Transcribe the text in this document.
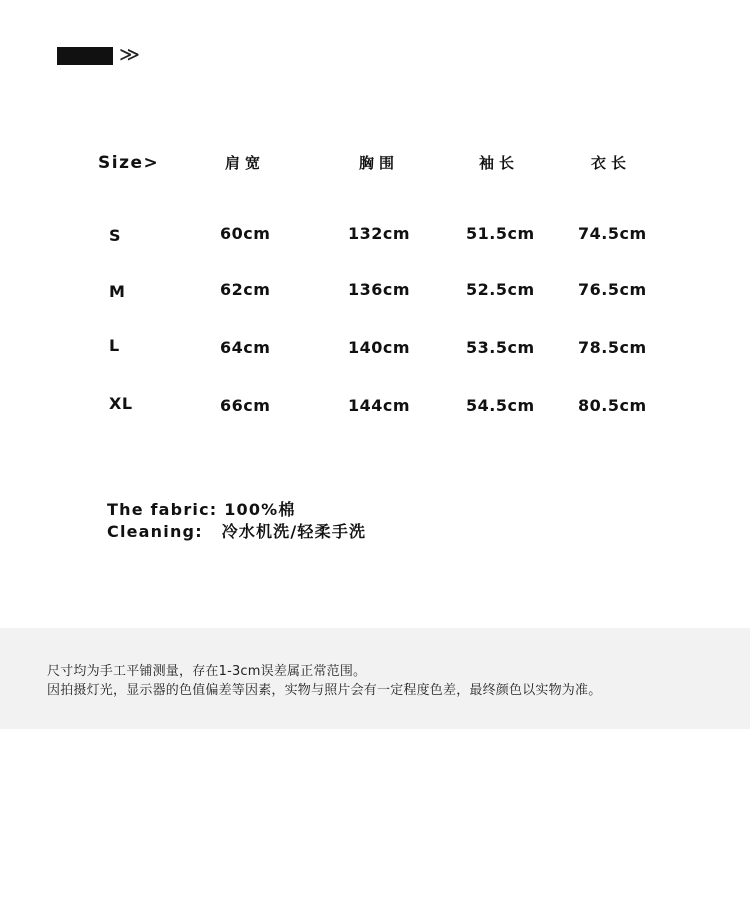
≫
Size>	肩宽	胸围	袖长	衣长
S	60cm	132cm	51.5cm	74.5cm
M	62cm	136cm	52.5cm	76.5cm
L	64cm	140cm	53.5cm	78.5cm
XL	66cm	144cm	54.5cm	80.5cm
The fabric: 100%棉
Cleaning: 冷水机洗/轻柔手洗
尺寸均为手工平铺测量，存在1-3cm误差属正常范围。
因拍摄灯光，显示器的色值偏差等因素，实物与照片会有一定程度色差，最终颜色以实物为准。
